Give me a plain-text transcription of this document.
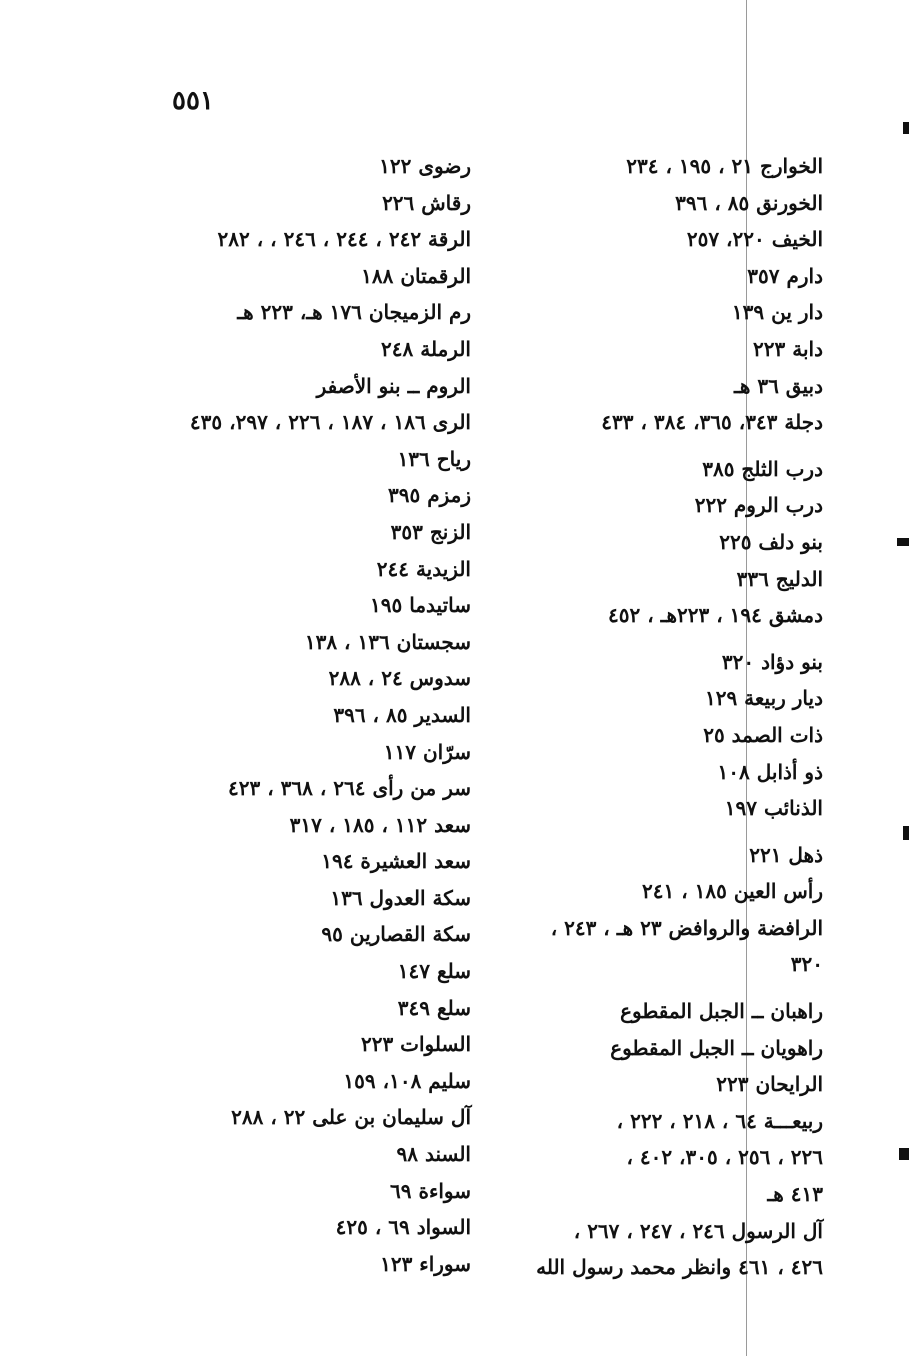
٥٥١
الخوارج ٢١ ، ١٩٥ ، ٢٣٤
الخورنق ٨٥ ، ٣٩٦
الخيف ٢٢٠، ٢٥٧
دارم ٣٥٧
دار ين ١٣٩
دابة ٢٢٣
دبيق ٣٦ هـ
دجلة ٣٤٣، ٣٦٥، ٣٨٤ ، ٤٣٣
درب الثلج ٣٨٥
درب الروم ٢٢٢
بنو دلف ٢٢٥
الدليج ٣٣٦
دمشق ١٩٤ ، ٢٢٣هـ ، ٤٥٢
بنو دؤاد ٣٢٠
ديار ربيعة ١٢٩
ذات الصمد ٢٥
ذو أذابل ١٠٨
الذنائب ١٩٧
ذهل ٢٢١
رأس العين ١٨٥ ، ٢٤١
الرافضة والروافض ٢٣ هـ ، ٢٤٣ ،
٣٢٠
راهبان ــ الجبل المقطوع
راهويان ــ الجبل المقطوع
الرايحان ٢٢٣
ربيعـــة ٦٤ ، ٢١٨ ، ٢٢٢ ،
٢٢٦ ، ٢٥٦ ، ٣٠٥، ٤٠٢ ،
٤١٣ هـ
آل الرسول ٢٤٦ ، ٢٤٧ ، ٢٦٧ ،
٤٢٦ ، ٤٦١ وانظر محمد رسول الله
رضوى ١٢٢
رقاش ٢٢٦
الرقة ٢٤٢ ، ٢٤٤ ، ٢٤٦ ، ، ٢٨٢
الرقمتان ١٨٨
رم الزميجان ١٧٦ هـ، ٢٢٣ هـ
الرملة ٢٤٨
الروم ــ بنو الأصفر
الرى ١٨٦ ، ١٨٧ ، ٢٢٦ ، ٢٩٧، ٤٣٥
رياح ١٣٦
زمزم ٣٩٥
الزنج ٣٥٣
الزيدية ٢٤٤
ساتيدما ١٩٥
سجستان ١٣٦ ، ١٣٨
سدوس ٢٤ ، ٢٨٨
السدير ٨٥ ، ٣٩٦
سرّان ١١٧
سر من رأى ٢٦٤ ، ٣٦٨ ، ٤٢٣
سعد ١١٢ ، ١٨٥ ، ٣١٧
سعد العشيرة ١٩٤
سكة العدول ١٣٦
سكة القصارين ٩٥
سلع ١٤٧
سلع ٣٤٩
السلوات ٢٢٣
سليم ١٠٨، ١٥٩
آل سليمان بن على ٢٢ ، ٢٨٨
السند ٩٨
سواءة ٦٩
السواد ٦٩ ، ٤٢٥
سوراء ١٢٣
